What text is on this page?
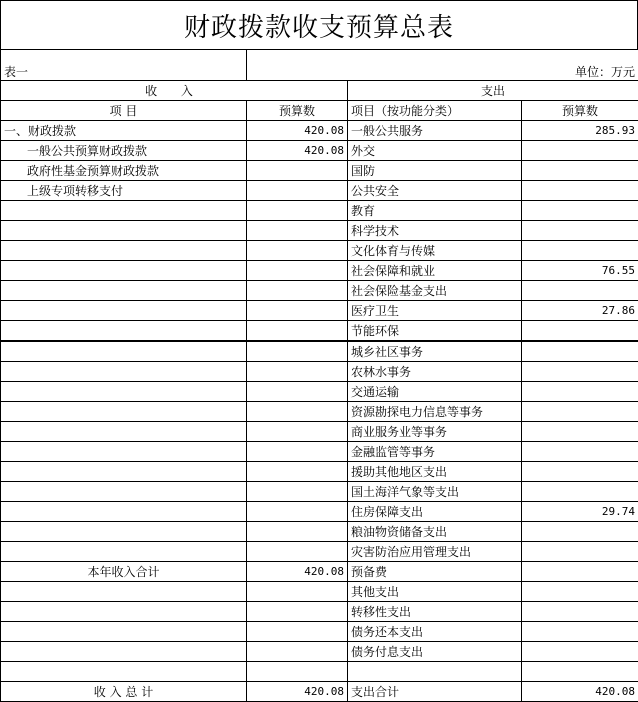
财政拨款收支预算总表
表一	单位：万元		
收 入		支出	
项 目	预算数	项目（按功能分类）	预算数
一、财政拨款	420.08	一般公共服务	285.93
一般公共预算财政拨款	420.08	外交	
政府性基金预算财政拨款		国防	
上级专项转移支付		公共安全	
		教育	
		科学技术	
		文化体育与传媒	
		社会保障和就业	76.55
		社会保险基金支出	
		医疗卫生	27.86
		节能环保	
		城乡社区事务	
		农林水事务	
		交通运输	
		资源勘探电力信息等事务	
		商业服务业等事务	
		金融监管等事务	
		援助其他地区支出	
		国土海洋气象等支出	
		住房保障支出	29.74
		粮油物资储备支出	
		灾害防治应用管理支出	
本年收入合计	420.08	预备费	
		其他支出	
		转移性支出	
		债务还本支出	
		债务付息支出	

收 入 总 计	420.08	支出合计	420.08
